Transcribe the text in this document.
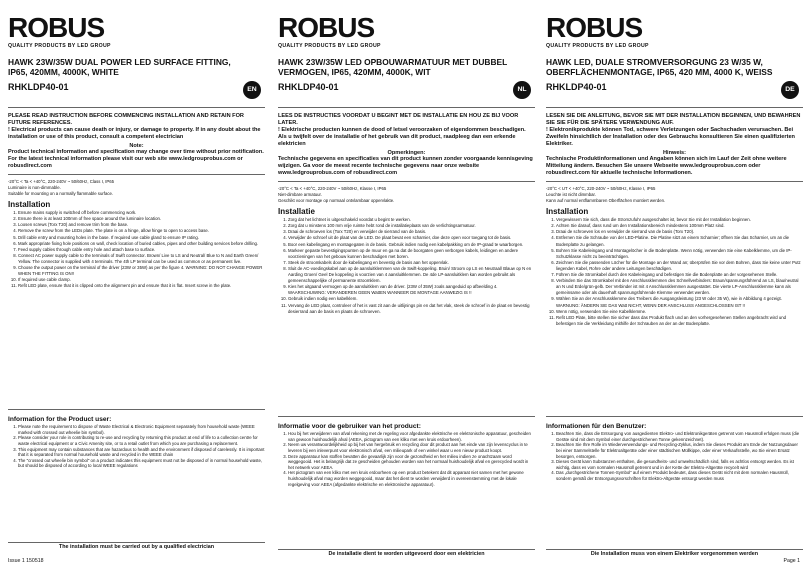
ROBUS
QUALITY PRODUCTS BY LED GROUP
HAWK 23W/35W DUAL POWER LED SURFACE FITTING, IP65, 420MM, 4000K, WHITE
RHKLDP40-01	EN
PLEASE READ INSTRUCTION BEFORE COMMENCING INSTALLATION AND RETAIN FOR FUTURE REFERENCES.
! Electrical products can cause death or injury, or damage to property. If in any doubt about the installation or use of this product, consult a competent electrician
Note:
Product technical information and specification may change over time without prior notification. For the latest technical information please visit our web site www.ledgrouprobus.com or robusdirect.com
-20°C < Ta < +40°C, 220-240V ~ 50/60Hz, Class I, IP65
Luminaire is non-dimmable.
Suitable for mounting on a normally flammable surface.
Installation
1. Ensure mains supply is switched off before commencing work.
2. Ensure there is at least 100mm of free space around the luminaire location.
3. Loosen screws (Torx T20) and remove trim from the base.
4. Remove the screw from the LEDs plate. The plate is on a hinge, allow hinge to open to access base.
5. Drill cable entry and mounting holes in the base. If required use cable gland to ensure IP rating.
6. Mark appropriate fixing hole positions on wall, check location of buried cables, pipes and other building services before drilling.
7. Feed supply cables through cable entry hole and attach base to surface.
8. Connect AC power supply cable to the terminals of Swift connector. Brown/ Live to LS and Neutral/ Blue to N and Earth Green/ Yellow. The connector is supplied with 4 terminals. The 4th LP terminal can be used as common or as permanent live.
9. Choose the output power on the terminal of the driver (23W or 35W) as per the figure 4. WARNING: DO NOT CHANGE POWER WHEN THE FITTING IS ON!!
10. If required use cable clamp.
11. Refit LED plate, ensure that it is clipped onto the alignment pin and ensure that it is flat. Insert screw in the plate.
Information for the Product user:
1. Please note the requirement to dispose of Waste Electrical & Electronic Equipment separately from household waste (WEEE marked with crossed out wheelie bin symbol).
2. Please consider your role in contributing to re-use and recycling by returning this product at end of life to a collection centre for waste electrical equipment or a Civic Amenity site, or to a retail outlet from which you are purchasing a replacement.
3. This equipment may contain substances that are hazardous to health and the environment if disposed of carelessly. It is important that it is separated from normal household waste and recycled in the WEEE chain
4. The "crossed out wheelie bin symbol" on a product indicates this equipment must not be disposed of in normal household waste, but should be disposed of according to local WEEE regulations
The installation must be carried out by a qualified electrician
ROBUS
QUALITY PRODUCTS BY LED GROUP
HAWK 23W/35W LED OPBOUWARMATUUR MET DUBBEL VERMOGEN, IP65, 420MM, 4000K, WIT
RHKLDP40-01	NL
LEES DE INSTRUCTIES VOORDAT U BEGINT MET DE INSTALLATIE EN HOU ZE BIJ VOOR LATER.
! Elektrische producten kunnen de dood of letsel veroorzaken of eigendommen beschadigen. Als u twijfelt over de installatie of het gebruik van dit product, raadpleeg dan een erkende elektricien
Opmerkingen:
Technische gegevens en specificaties van dit product kunnen zonder voorgaande kennisgeving wijzigen. Ga voor de meest recente technische gegevens naar onze website www.ledgrouprobus.com of robusdirect.com
-20°C < Ta < +40°C, 220-240V ~ 50/60Hz, Klasse I, IP65
Niet-dimbare armatuur.
Geschikt voor montage op normaal ontvlambaar oppervlakte.
Installatie
1. Zorg dat het lichtnet is uitgeschakeld voordat u begint te werken.
2. Zorg dat u minstens 100 mm vrije ruimte hebt rond de installatieplaats van de verlichtingsarmatuur.
3. Draai de schroeven los (Torx T20) en verwijder de sierrand van de basis.
4. Verwijder de schroef uit de plaat van de LED. De plaat bevat een scharnier, doe deze open voor toegang tot de basis.
5. Boor een kabelingang en montagegaten in de basis. Gebruik indien nodig een kabelpakking om de IP-graad te waarborgen.
6. Markeer gepaste bevestigingspunten op de muur en ga na dat de boorgaten geen verborgen kabels, leidingen en andere voorzieningen van het gebouw kunnen beschadigen met boren.
7. Steek de stroomkabels door de kabelingang en bevestig de basis aan het oppervlak.
8. Sluit de AC-voedingskabel aan op de aansluitklemmen van de Swift-koppeling. Bruin/ Stroom op LS en Neutraal/ Blauw op N en Aarding Groen/ Geel De koppeling is voorzien van 4 aansluitklemmen. De 4de LP-aansluitklem kan worden gebruikt als gemeenschappelijke of permanente stroomklem.
9. Kies het uitgaand vermogen op de aansluitklem van de driver. (23W of 35W) zoals aangeduid op afbeelding 4. WAARSCHUWING: VERANDEREN GEEN WattEN WANNEER DE MONTAGE AANWEZIG IS !!
10. Gebruik indien nodig een kabelklem.
11. Vervang de LED plaat, controleer of het is vast zit aan de uitlijnings pin en dat het vlak, steek de schroef in de plaat en bevestig desierrand aan de basis en plaats de schroeven.
Informatie voor de gebruiker van het product:
1. Hou bij het verwijderen van afval rekening met de regeling voor afgedankte elektrische en elektronische apparatuur, gescheiden van gewoon huishoudelijk afval (AEEA, pictogram van een kliko met een kruis erdoorheen).
2. Neem uw verantwoordelijkheid op bij het van hergebruik en recycling door dit product aan het einde van zijn levenscyclus in te leveren bij een inleverpunt voor elektronisch afval, een milieupark of een winkel waar u een nieuw product koopt.
3. Deze apparatuur kan stoffen bevatten die gevaarlijk zijn voor de gezondheid en het milieu indien ze onachtzaam word weggegooid. Het is belangrijk dat ze gescheiden gehouden worden van het normaal huishoudelijk afval en gerecycled wordt in het netwerk voor AEEA.
4. Het pictogram van een kliko met een kruis erdoorheen op een product betekent dat dit apparaat niet samen met het gewone huishoudelijk afval mag worden weggegooid, maar dat het dient te worden verwijderd in overeenstemming met de lokale regelgeving voor AEEA (afgedankte elektrische en elektronische apparatuur).
De installatie dient te worden uitgevoerd door een elektricien
ROBUS
QUALITY PRODUCTS BY LED GROUP
HAWK LED, DUALE STROMVERSORGUNG 23 W/35 W, OBERFLÄCHENMONTAGE, IP65, 420 MM, 4000 K, WEISS
RHKLDP40-01	DE
LESEN SIE DIE ANLEITUNG, BEVOR SIE MIT DER INSTALLATION BEGINNEN, UND BEWAHREN SIE SIE FÜR DIE SPÄTERE VERWENDUNG AUF.
! Elektronikprodukte können Tod, schwere Verletzungen oder Sachschaden verursachen. Bei Zweifeln hinsichtlich der Installation oder des Gebrauchs konsultieren Sie einen qualifizierten Elektriker.
Hinweis:
Technische Produktinformationen und Angaben können sich im Lauf der Zeit ohne weitere Mitteilung ändern. Besuchen Sie unsere Webseite www.ledgrouprobus.com oder robusdirect.com für aktuelle technische Informationen.
-20°C < UT < +40°C, 220-240V ~ 50/60Hz, Klasse I, IP65
Leuchte ist nicht dimmbar.
Kann auf normal entflammbaren Oberflächen montiert werden.
Installation
1. Vergewissern Sie sich, dass die Stromzufuhr ausgeschaltet ist, bevor Sie mit der Installation beginnen.
2. Achten Sie darauf, dass rund um den Installationsbereich mindestens 100mm Platz sind.
3. Draai de schroeven los en verwijder de sierrand van de basis (Torx T20).
4. Entfernen Sie die Schraube von der LED-Platine. Die Platine sitzt an einem Scharnier; öffnen Sie das Scharnier, um an die Bodenplatte zu gelangen.
5. Bohren Sie Kabeleingang und Montagelöcher in die Bodenplatte. Wenn nötig, verwenden Sie eine Kabelklemme, um die IP-Schutzklasse nicht zu beeinträchtigen.
6. Zeichnen Sie die passenden Löcher für die Montage an der Wand an; überprüfen Sie vor dem Bohren, dass Sie keine unter Putz liegenden Kabel, Rohre oder andere Leitungen beschädigen.
7. Führen Sie die Stromkabel durch den Kabeleingang und befestigen Sie die Bodenplatte an der vorgesehenen Stelle.
8. Verbinden Sie das Stromkabel mit den Anschlussklemmen des Schnellverbinders: Braun/spannungsführend an LS, blau/neutral an N und Erde/grün-gelb. Der Verbinder ist mit 4 Anschlussklemmen ausgestattet. Die vierte LP-Anschlussklemme kann als gemeinsame oder als dauerhaft spannungsführende Klemme verwendet werden.
9. Wählen Sie an der Anschlussklemme des Treibers die Ausgangsleistung (23 W oder 35 W), wie in Abbildung 4 gezeigt. WARNUNG: ÄNDERN SIE DAS Watt NICHT, WENN DER ANSCHLUSS ANGESCHLOSSEN IST !!
10. Wenn nötig, verwenden Sie eine Kabelklemme.
11. Refit LED Plate, bitte stellen Sie sicher dass das Produkt flach und an den vorhergesehenen Stellen angebracht wird und befestigen Sie die Verkleidung mithilfe der Schrauben an der an der Bodenplatte.
Informationen für den Benutzer:
1. Beachten Sie, dass die Entsorgung von ausgedienten Elektro- und Elektronikgeräten getrennt vom Hausmüll erfolgen muss (die Geräte sind mit dem Symbol einer durchgestrichenen Tonne gekennzeichnet).
2. Beachten Sie Ihre Rolle im Wiederverwendungs- und Recycling-Zyklus, indem Sie dieses Produkt am Ende der Nutzungsdauer bei einer Sammelstelle für Elektroaltgeräte oder einer städtischen Müllkippe, oder einer Verkaufsstelle, wo Sie einen Ersatz besorgen, entsorgen.
3. Dieses Gerät kann Substanzen enthalten, die gesundheits- und umweltschädlich sind, falls es achtlos entsorgt werden. Es ist wichtig, dass es vom normalen Hausmüll getrennt und in der Kette der Elektro-Altgeräte recycelt wird
4. Das „durchgestrichene Tonnen-Symbol“ auf einem Produkt bedeutet, dass dieses Gerät nicht mit dem normalen Hausmüll, sondern gemäß der Entsorgungsvorschriften für Elektro-Altgeräte entsorgt werden muss
Die Installation muss von einem Elektriker vorgenommen werden
Issue 1 150518	Page 1
